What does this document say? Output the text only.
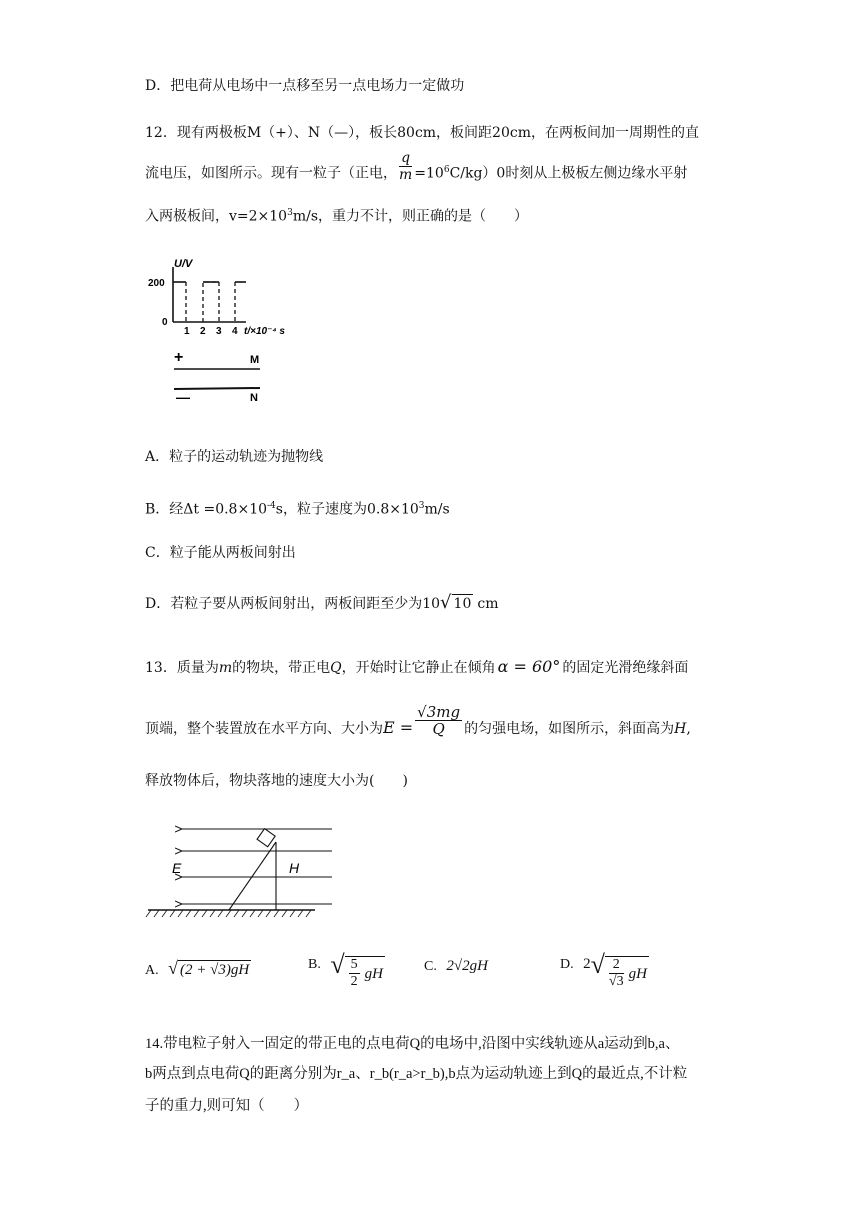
D．把电荷从电场中一点移至另一点电场力一定做功
12．现有两极板M（+）、N（—），板长80cm，板间距20cm，在两板间加一周期性的直
流电压，如图所示。现有一粒子（正电， $\frac{q}{m} =10^6C/kg)0$时刻从上极板左侧边缘水平射
入两极板间，$v=2\times 10^3m/s$，重力不计，则正确的是（　　）
U/V
200
0
1 2 3 4 t/×10⁻⁴ s
+	M
—	N
A．粒子的运动轨迹为抛物线
B．经$\Delta t =0.8\times 10^{-4}s$，粒子速度为$0.8\times 10^3m/s$
C．粒子能从两板间射出
D．若粒子要从两板间射出，两板间距至少为10√ 10 cm
13．质量为m的物块，带正电Q，开始时让它静止在倾角 α = 60° 的固定光滑绝缘斜面
顶端，整个装置放在水平方向、大小为$E = \frac{√3mg}{Q}$ 的匀强电场，如图所示，斜面高为H,
释放物体后，物块落地的速度大小为(　　)
E	H
A. √ (2 + √3)gH	B. √ $\frac{5}{2}$ gH	C. 2√2gH	D. $2√ \frac{2}{√3}$ gH
14.带电粒子射入一固定的带正电的点电荷Q的电场中,沿图中实线轨迹从a运动到b,a、
b两点到点电荷Q的距离分别为r_a、r_b(r_a>r_b),b点为运动轨迹上到Q的最近点,不计粒
子的重力,则可知（　　）
